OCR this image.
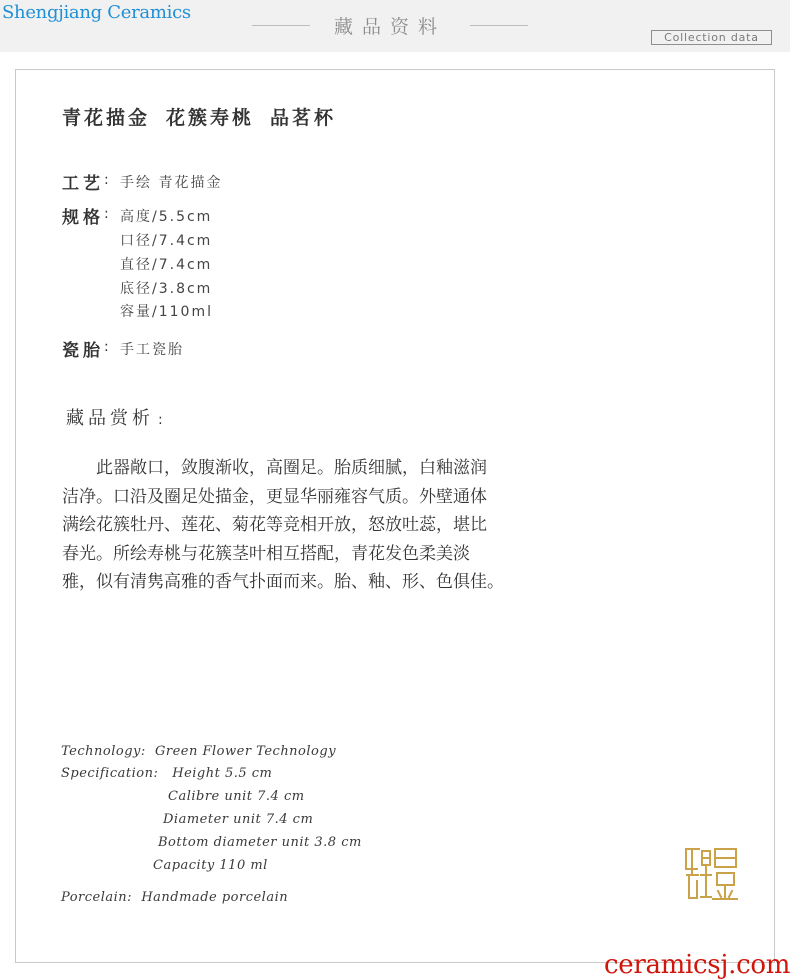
Shengjiang Ceramics
藏品资料	Collection data
青花描金 花簇寿桃 品茗杯
工艺 : 手绘 青花描金
规格 : 高度/5.5cm
口径/7.4cm
直径/7.4cm
底径/3.8cm
容量/110ml
瓷胎 : 手工瓷胎
藏品赏析 :
此器敞口，敛腹渐收，高圈足。胎质细腻，白釉滋润
洁净。口沿及圈足处描金，更显华丽雍容气质。外壁通体
满绘花簇牡丹、莲花、菊花等竞相开放，怒放吐蕊，堪比
春光。所绘寿桃与花簇茎叶相互搭配，青花发色柔美淡
雅，似有清隽高雅的香气扑面而来。胎、釉、形、色俱佳。
Technology: Green Flower Technology
Specification: Height 5.5 cm
Calibre unit 7.4 cm
Diameter unit 7.4 cm
Bottom diameter unit 3.8 cm
Capacity 110 ml
Porcelain: Handmade porcelain
ceramicsj.com
